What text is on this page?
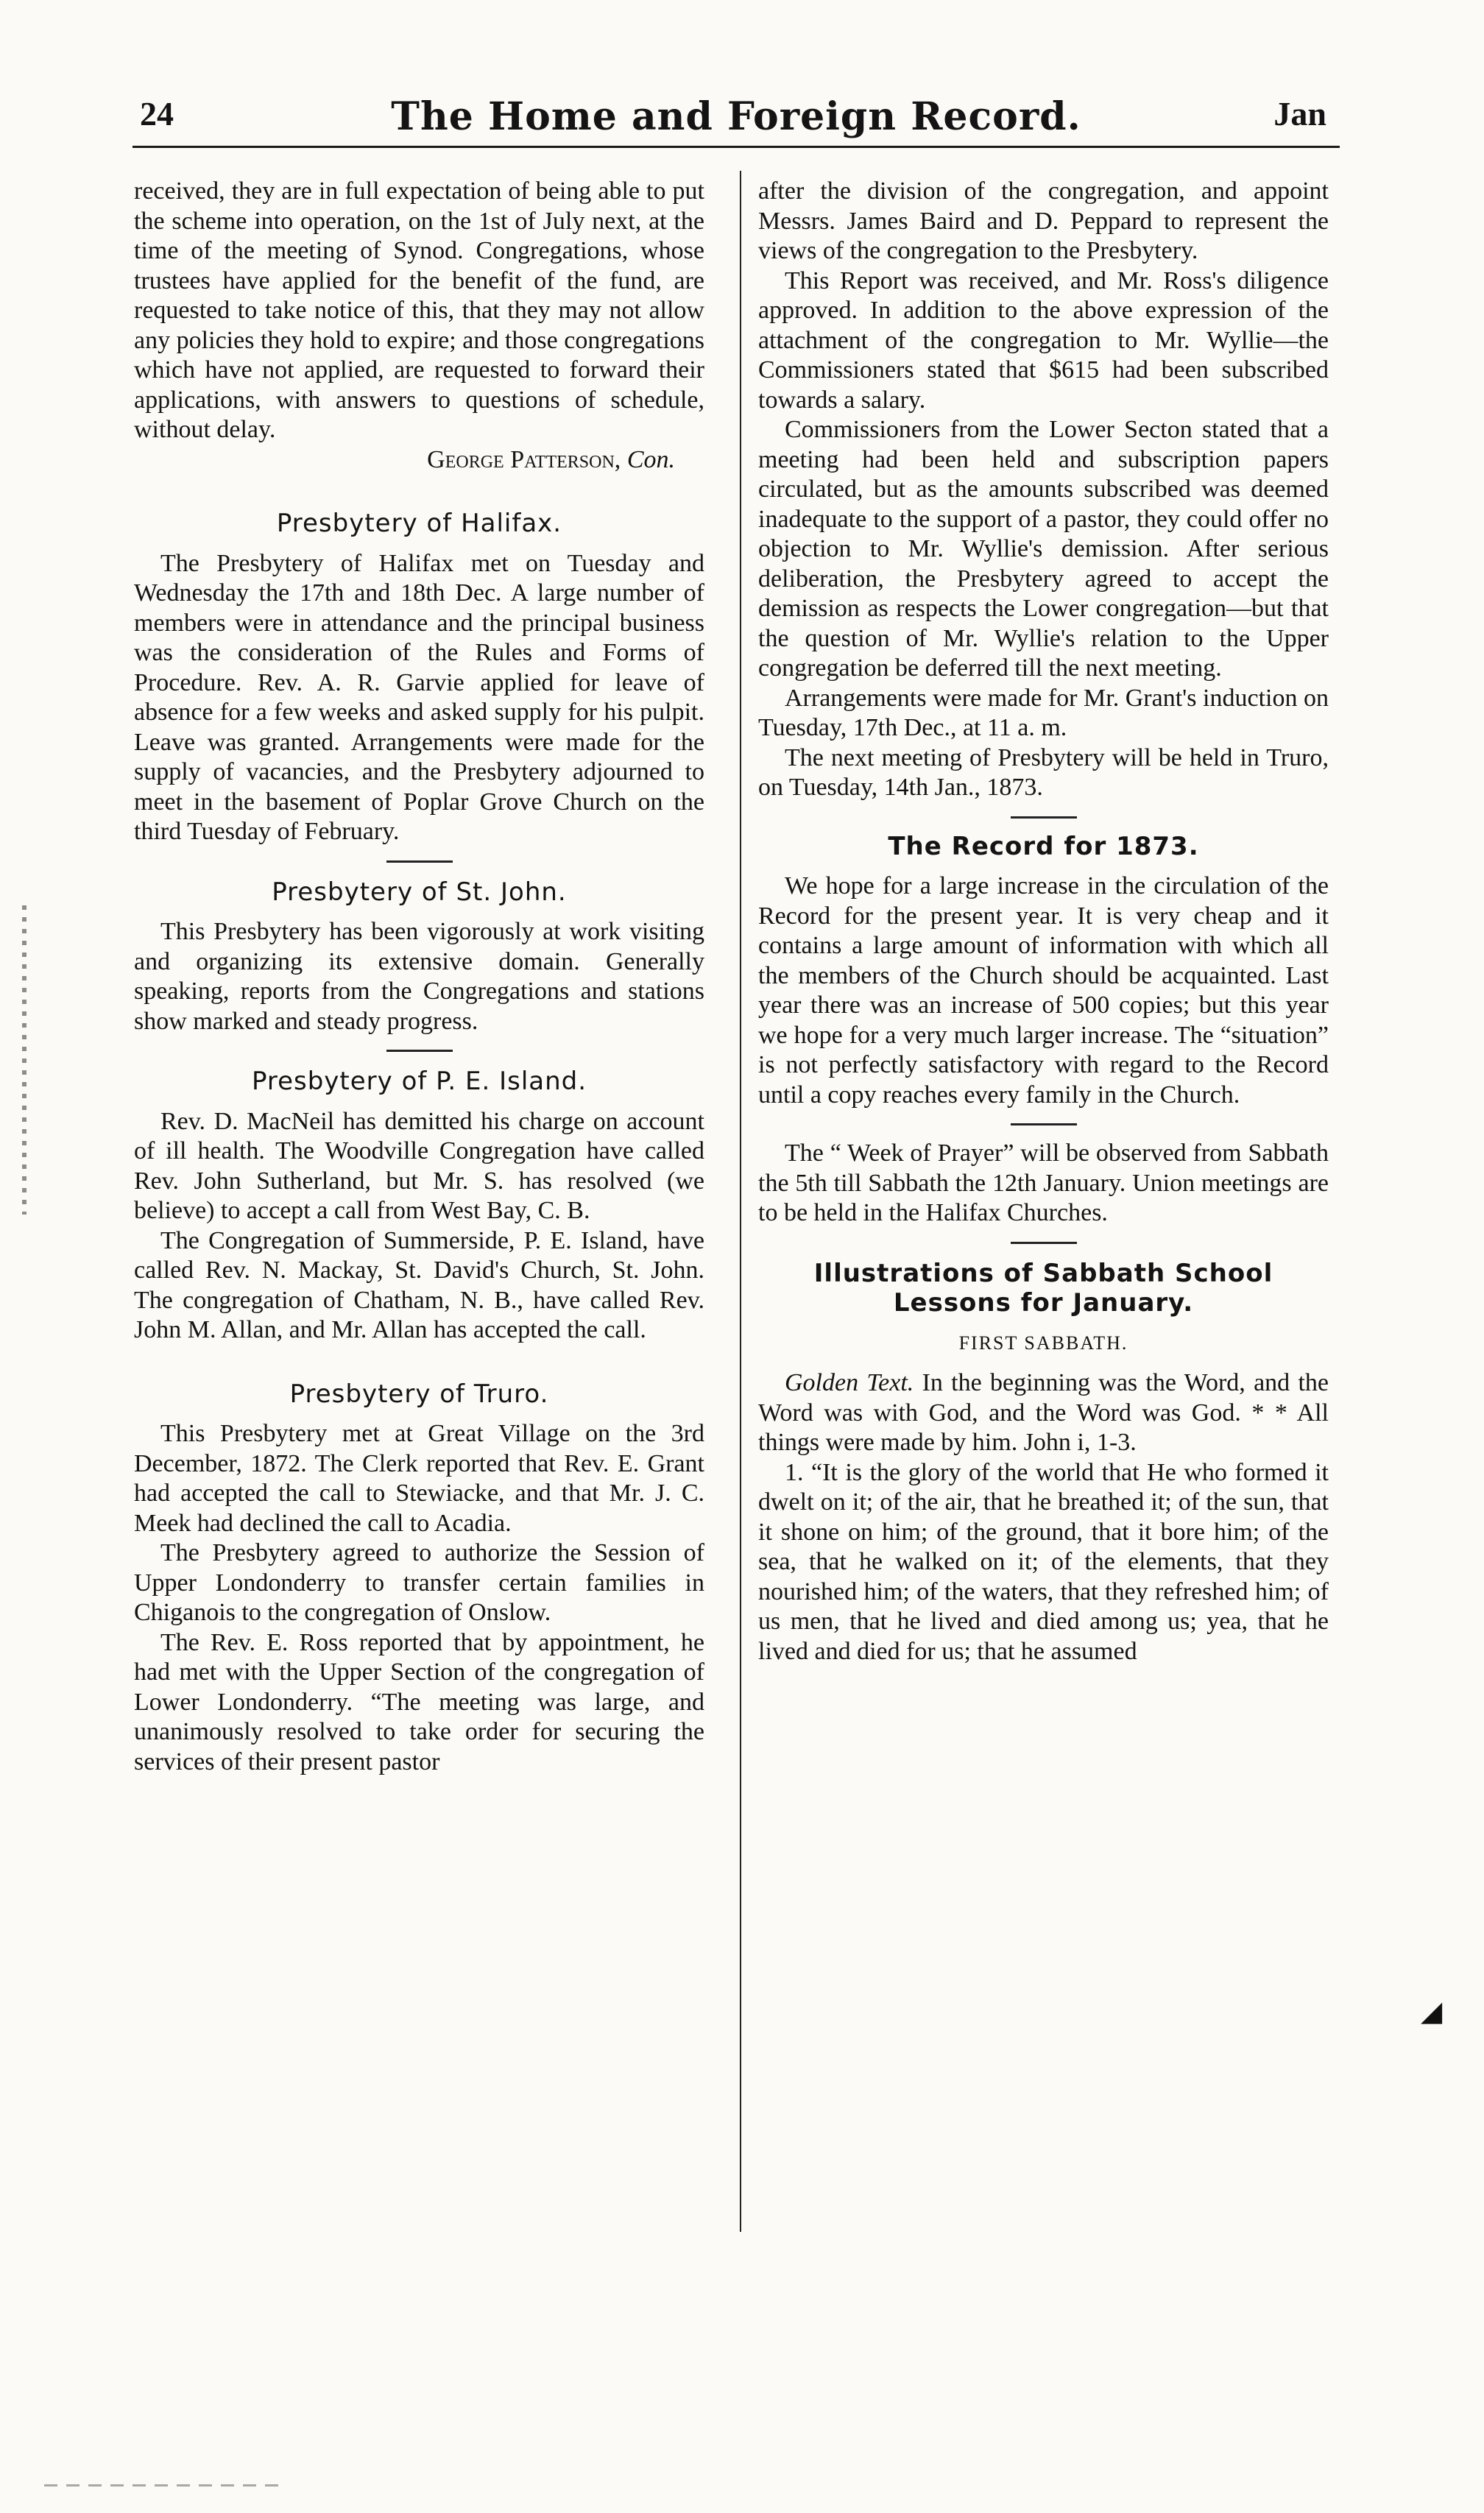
24	The Home and Foreign Record.	Jan

received, they are in full expectation of being able to put the scheme into operation, on the 1st of July next, at the time of the meeting of Synod. Congregations, whose trustees have applied for the benefit of the fund, are requested to take notice of this, that they may not allow any policies they hold to expire; and those congregations which have not applied, are requested to forward their applications, with answers to questions of schedule, without delay.

George Patterson, Con.
Presbytery of Halifax.

The Presbytery of Halifax met on Tuesday and Wednesday the 17th and 18th Dec. A large number of members were in attendance and the principal business was the consideration of the Rules and Forms of Procedure. Rev. A. R. Garvie applied for leave of absence for a few weeks and asked supply for his pulpit. Leave was granted. Arrangements were made for the supply of vacancies, and the Presbytery adjourned to meet in the basement of Poplar Grove Church on the third Tuesday of February.

Presbytery of St. John.

This Presbytery has been vigorously at work visiting and organizing its extensive domain. Generally speaking, reports from the Congregations and stations show marked and steady progress.

Presbytery of P. E. Island.

Rev. D. MacNeil has demitted his charge on account of ill health. The Woodville Congregation have called Rev. John Sutherland, but Mr. S. has resolved (we believe) to accept a call from West Bay, C. B.

The Congregation of Summerside, P. E. Island, have called Rev. N. Mackay, St. David's Church, St. John. The congregation of Chatham, N. B., have called Rev. John M. Allan, and Mr. Allan has accepted the call.

Presbytery of Truro.

This Presbytery met at Great Village on the 3rd December, 1872. The Clerk reported that Rev. E. Grant had accepted the call to Stewiacke, and that Mr. J. C. Meek had declined the call to Acadia.

The Presbytery agreed to authorize the Session of Upper Londonderry to transfer certain families in Chiganois to the congregation of Onslow.

The Rev. E. Ross reported that by appointment, he had met with the Upper Section of the congregation of Lower Londonderry. “The meeting was large, and unanimously resolved to take order for securing the services of their present pastor

after the division of the congregation, and appoint Messrs. James Baird and D. Peppard to represent the views of the congregation to the Presbytery.

This Report was received, and Mr. Ross's diligence approved. In addition to the above expression of the attachment of the congregation to Mr. Wyllie—the Commissioners stated that $615 had been subscribed towards a salary.

Commissioners from the Lower Secton stated that a meeting had been held and subscription papers circulated, but as the amounts subscribed was deemed inadequate to the support of a pastor, they could offer no objection to Mr. Wyllie's demission. After serious deliberation, the Presbytery agreed to accept the demission as respects the Lower congregation—but that the question of Mr. Wyllie's relation to the Upper congregation be deferred till the next meeting.

Arrangements were made for Mr. Grant's induction on Tuesday, 17th Dec., at 11 a. m.

The next meeting of Presbytery will be held in Truro, on Tuesday, 14th Jan., 1873.

The Record for 1873.

We hope for a large increase in the circulation of the Record for the present year. It is very cheap and it contains a large amount of information with which all the members of the Church should be acquainted. Last year there was an increase of 500 copies; but this year we hope for a very much larger increase. The “situation” is not perfectly satisfactory with regard to the Record until a copy reaches every family in the Church.

The “ Week of Prayer” will be observed from Sabbath the 5th till Sabbath the 12th January. Union meetings are to be held in the Halifax Churches.

Illustrations of Sabbath School Lessons for January.
FIRST SABBATH.

Golden Text. In the beginning was the Word, and the Word was with God, and the Word was God. * * All things were made by him. John i, 1-3.

1. “It is the glory of the world that He who formed it dwelt on it; of the air, that he breathed it; of the sun, that it shone on him; of the ground, that it bore him; of the sea, that he walked on it; of the elements, that they nourished him; of the waters, that they refreshed him; of us men, that he lived and died among us; yea, that he lived and died for us; that he assumed

◢
